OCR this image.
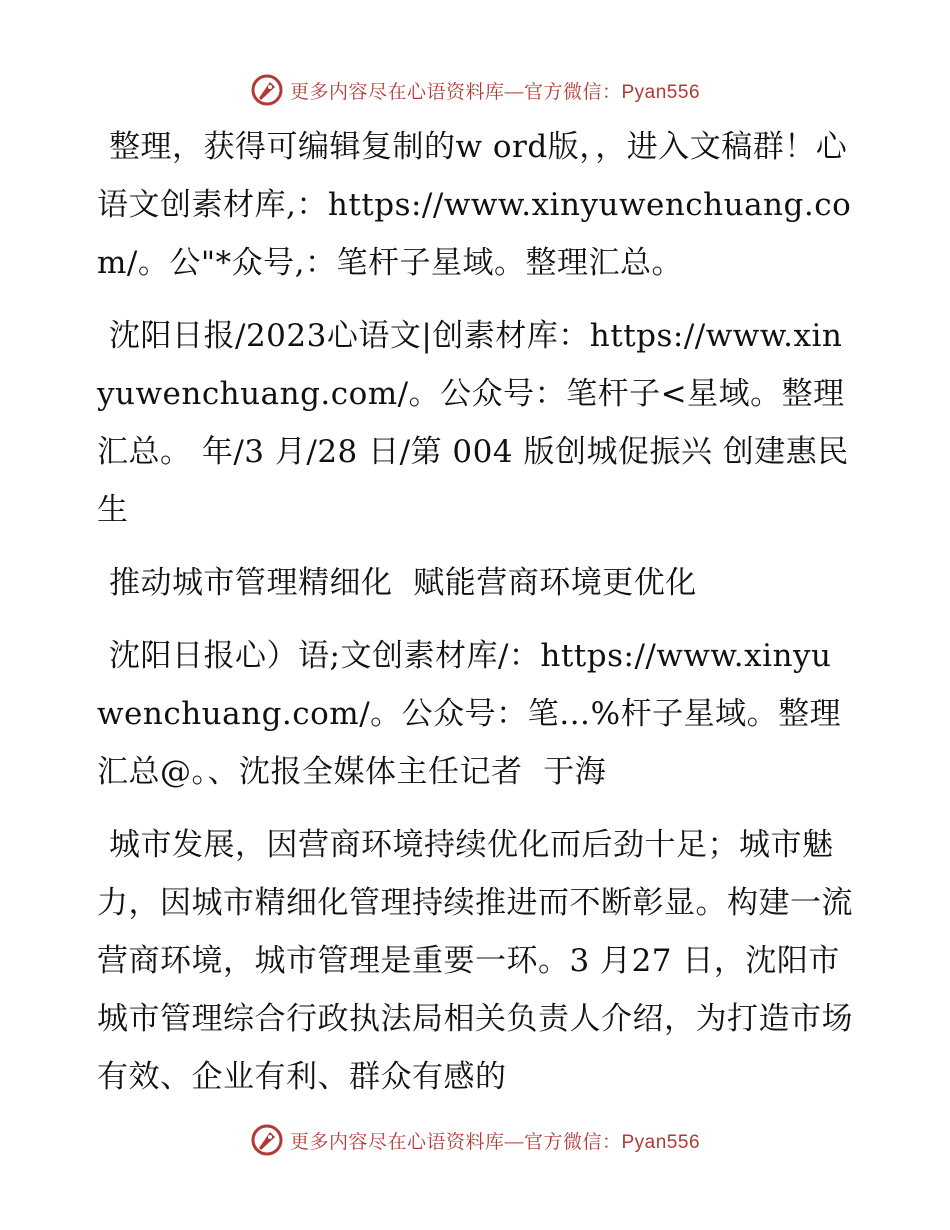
更多内容尽在心语资料库—官方微信：Pyan556

整理，获得可编辑复制的w ord版，，进入文稿群！心语文创素材库,：https://www.xinyuwenchuang.com/。公"*众号,：笔杆子星域。整理汇总。

沈阳日报/2023心语文|创素材库：https://www.xinyuwenchuang.com/。公众号：笔杆子<星域。整理汇总。 年/3 月/28 日/第 004 版创城促振兴 创建惠民生

推动城市管理精细化  赋能营商环境更优化

沈阳日报心）语;文创素材库/：https://www.xinyuwenchuang.com/。公众号：笔…%杆子星域。整理汇总@。、沈报全媒体主任记者  于海

城市发展，因营商环境持续优化而后劲十足；城市魅力，因城市精细化管理持续推进而不断彰显。构建一流营商环境，城市管理是重要一环。3 月27 日，沈阳市城市管理综合行政执法局相关负责人介绍，为打造市场有效、企业有利、群众有感的

更多内容尽在心语资料库—官方微信：Pyan556
